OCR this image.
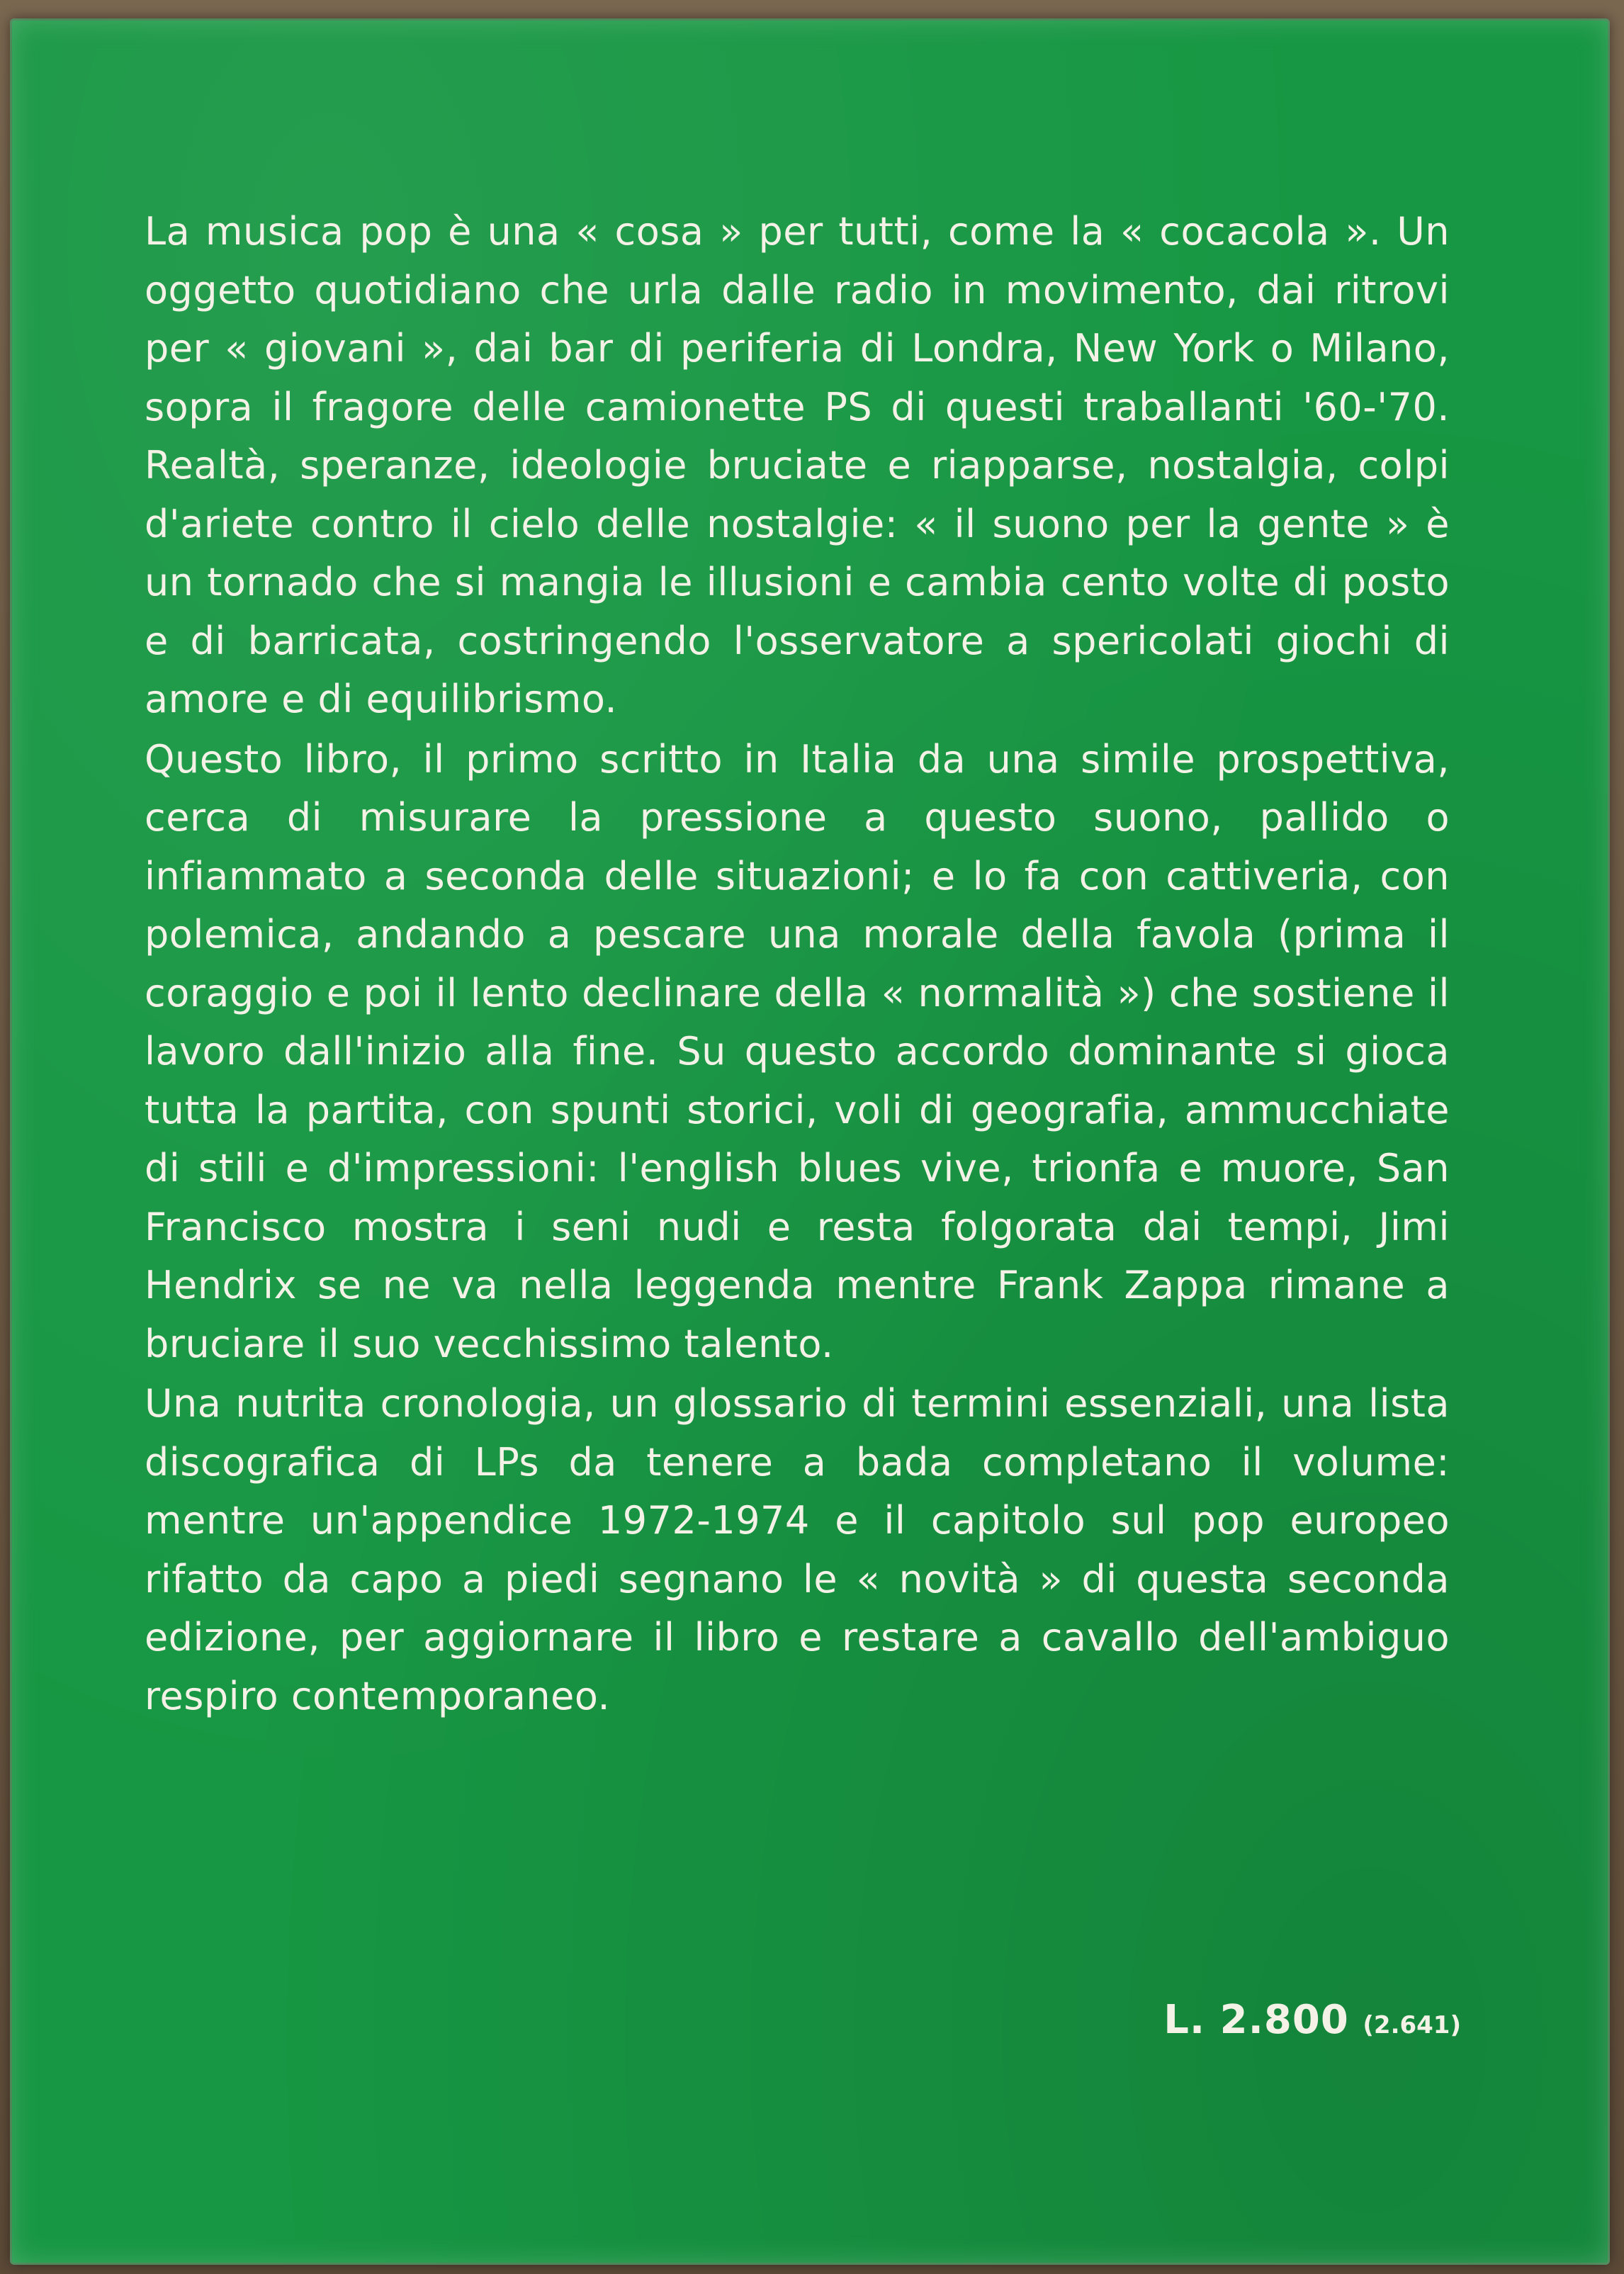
La musica pop è una « cosa » per tutti, come la « cocacola ». Un oggetto quotidiano che urla dalle radio in movimento, dai ritrovi per « giovani », dai bar di periferia di Londra, New York o Milano, sopra il fragore delle camionette PS di questi traballanti '60-'70. Realtà, speranze, ideologie bruciate e riapparse, nostalgia, colpi d'ariete contro il cielo delle nostalgie: « il suono per la gente » è un tornado che si mangia le illusioni e cambia cento volte di posto e di barricata, costringendo l'osservatore a spericolati giochi di amore e di equilibrismo.

Questo libro, il primo scritto in Italia da una simile prospettiva, cerca di misurare la pressione a questo suono, pallido o infiammato a seconda delle situazioni; e lo fa con cattiveria, con polemica, andando a pescare una morale della favola (prima il coraggio e poi il lento declinare della « normalità ») che sostiene il lavoro dall'inizio alla fine. Su questo accordo dominante si gioca tutta la partita, con spunti storici, voli di geografia, ammucchiate di stili e d'impressioni: l'english blues vive, trionfa e muore, San Francisco mostra i seni nudi e resta folgorata dai tempi, Jimi Hendrix se ne va nella leggenda mentre Frank Zappa rimane a bruciare il suo vecchissimo talento.

Una nutrita cronologia, un glossario di termini essenziali, una lista discografica di LPs da tenere a bada completano il volume: mentre un'appendice 1972-1974 e il capitolo sul pop europeo rifatto da capo a piedi segnano le « novità » di questa seconda edizione, per aggiornare il libro e restare a cavallo dell'ambiguo respiro contemporaneo.

L. 2.800 (2.641)
